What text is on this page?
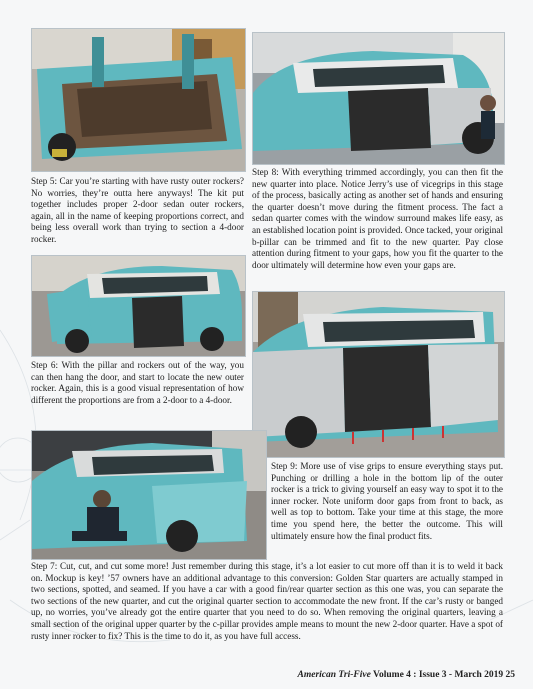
Step 5: Car you’re starting with have rusty outer rockers? No worries, they’re outta here anyways! The kit put together includes proper 2-door sedan outer rockers, again, all in the name of keeping proportions correct, and being less overall work than trying to section a 4-door rocker.

Step 8: With everything trimmed accordingly, you can then fit the new quarter into place. Notice Jerry’s use of vicegrips in this stage of the process, basically acting as another set of hands and ensuring the quarter doesn’t move during the fitment process. The fact a sedan quarter comes with the window surround makes life easy, as an established location point is provided. Once tacked, your original b-pillar can be trimmed and fit to the new quarter. Pay close attention during fitment to your gaps, how you fit the quarter to the door ultimately will determine how even your gaps are.

Step 6: With the pillar and rockers out of the way, you can then hang the door, and start to locate the new outer rocker. Again, this is a good visual representation of how different the proportions are from a 2-door to a 4-door.

Step 9: More use of vise grips to ensure everything stays put. Punching or drilling a hole in the bottom lip of the outer rocker is a trick to giving yourself an easy way to spot it to the inner rocker. Note uniform door gaps from front to back, as well as top to bottom. Take your time at this stage, the more time you spend here, the better the outcome. This will ultimately ensure how the final product fits.

Step 7: Cut, cut, and cut some more! Just remember during this stage, it’s a lot easier to cut more off than it is to weld it back on. Mockup is key! ’57 owners have an additional advantage to this conversion: Golden Star quarters are actually stamped in two sections, spotted, and seamed. If you have a car with a good fin/rear quarter section as this one was, you can separate the two sections of the new quarter, and cut the original quarter section to accommodate the new front. If the car’s rusty or banged up, no worries, you’ve already got the entire quarter that you need to do so. When removing the original quarters, leaving a small section of the original upper quarter by the c-pillar provides ample means to mount the new 2-door quarter. Have a spot of rusty inner rocker to fix? This is the time to do it, as you have full access.

American Tri-Five Volume 4 : Issue 3 - March 2019 25
